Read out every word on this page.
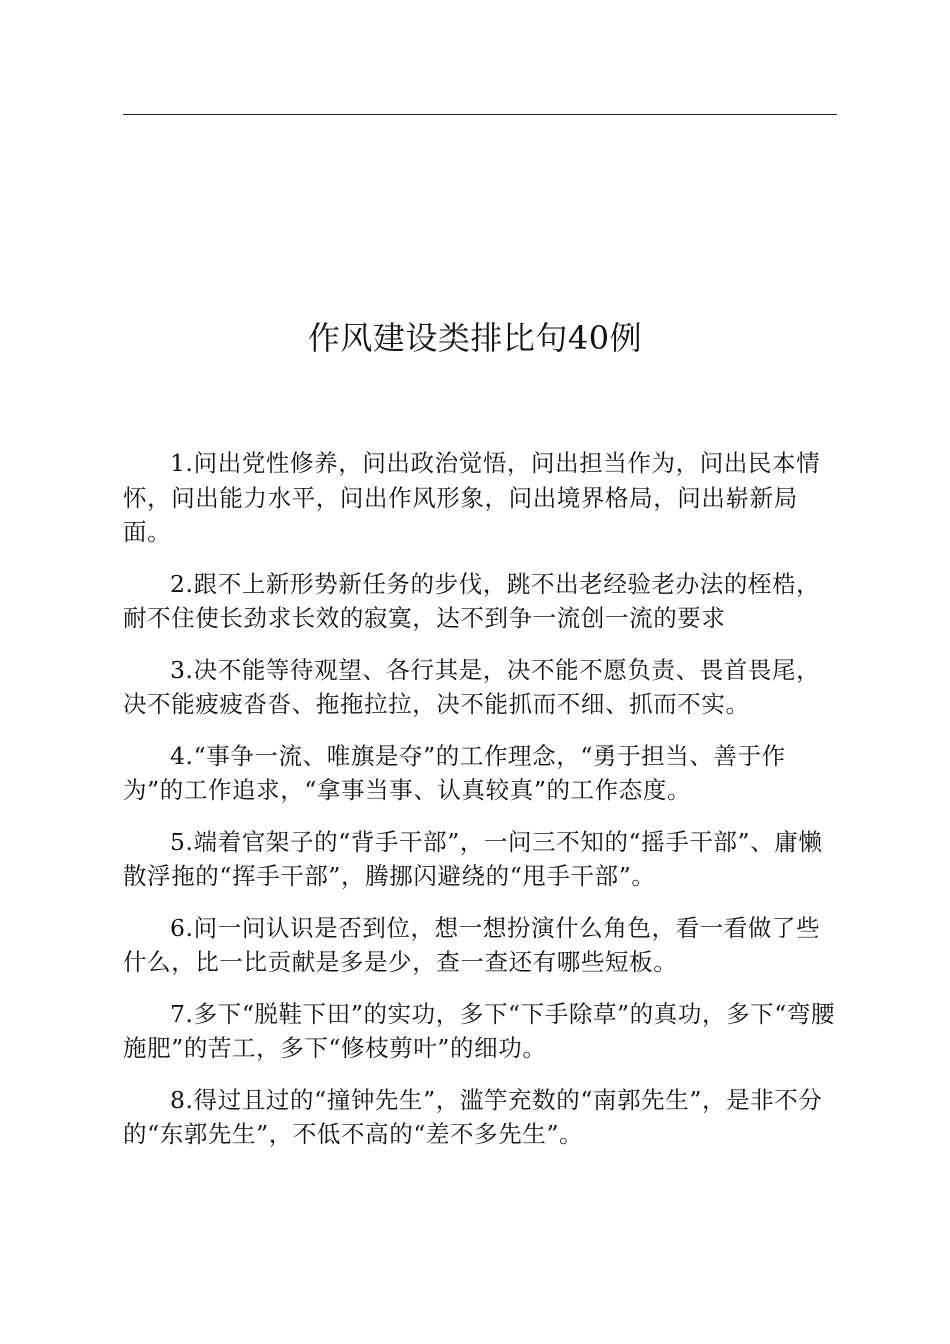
作风建设类排比句40例

1.问出党性修养，问出政治觉悟，问出担当作为，问出民本情怀，问出能力水平，问出作风形象，问出境界格局，问出崭新局面。

2.跟不上新形势新任务的步伐，跳不出老经验老办法的桎梏，耐不住使长劲求长效的寂寞，达不到争一流创一流的要求

3.决不能等待观望、各行其是，决不能不愿负责、畏首畏尾，决不能疲疲沓沓、拖拖拉拉，决不能抓而不细、抓而不实。

4.“事争一流、唯旗是夺”的工作理念，“勇于担当、善于作为”的工作追求，“拿事当事、认真较真”的工作态度。

5.端着官架子的“背手干部”，一问三不知的“摇手干部”、庸懒散浮拖的“挥手干部”，腾挪闪避绕的“甩手干部”。

6.问一问认识是否到位，想一想扮演什么角色，看一看做了些什么，比一比贡献是多是少，查一查还有哪些短板。

7.多下“脱鞋下田”的实功，多下“下手除草”的真功，多下“弯腰施肥”的苦工，多下“修枝剪叶”的细功。

8.得过且过的“撞钟先生”，滥竽充数的“南郭先生”，是非不分的“东郭先生”，不低不高的“差不多先生”。
